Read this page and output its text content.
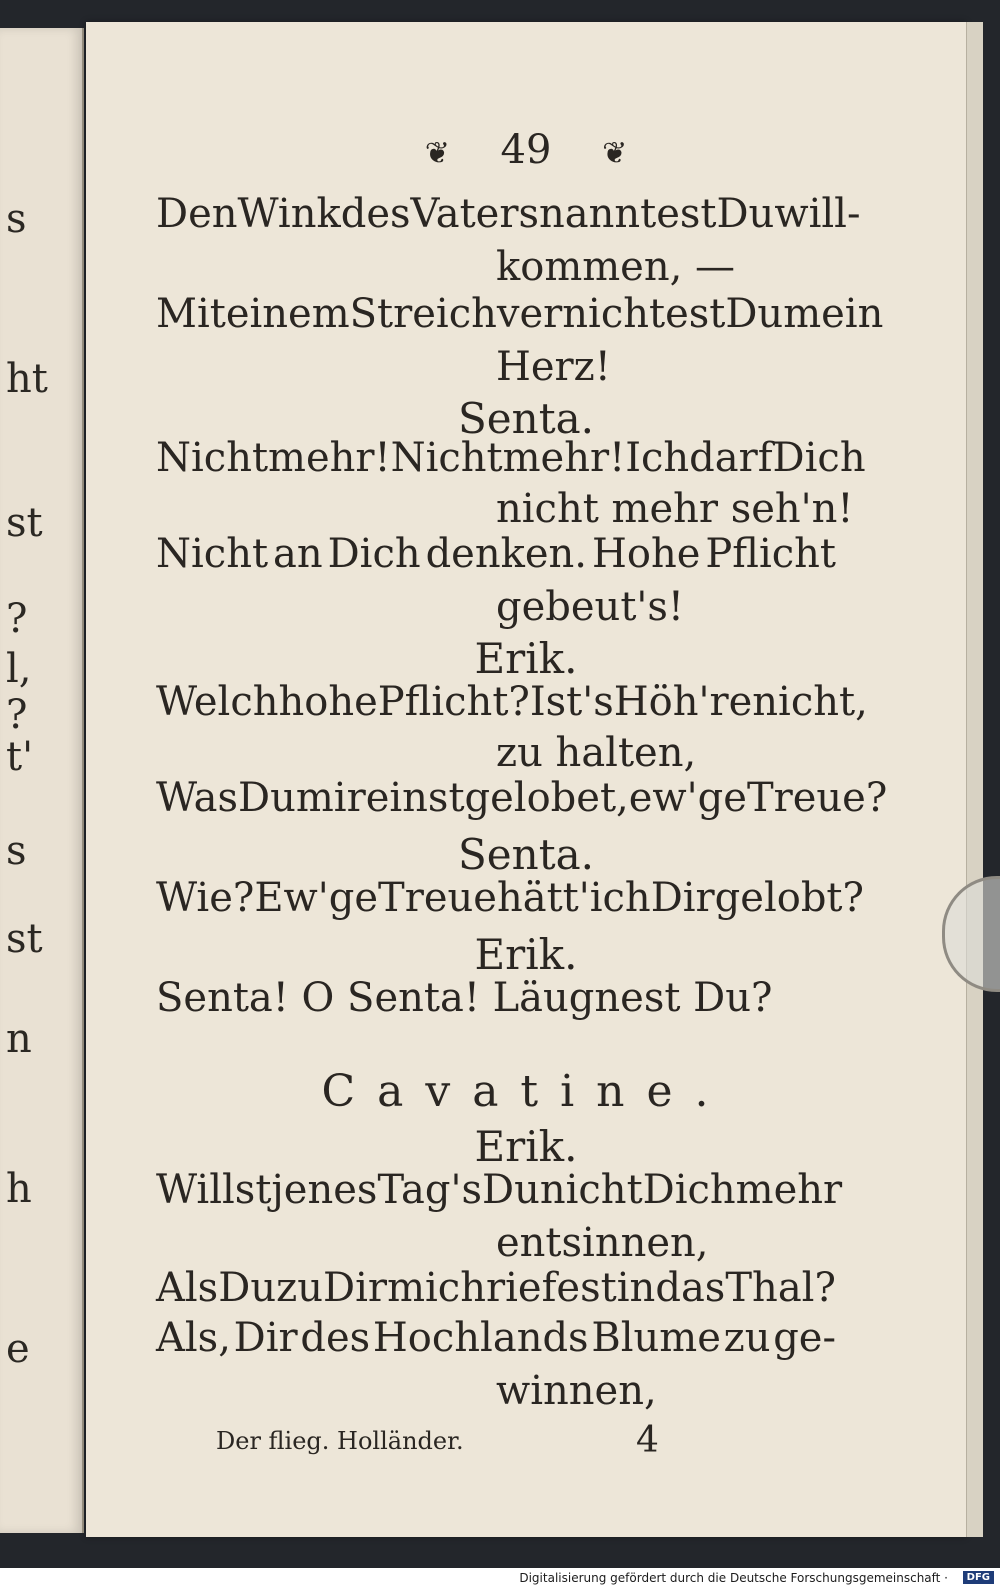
s
ht
st
?
l,
?
t'
s
st
n
h
e
❦ 49 ❦
Den Wink des Vaters nanntest Du will-
kommen, —
Mit einem Streich vernichtest Du mein
Herz!
Senta.
Nicht mehr! Nicht mehr! Ich darf Dich
nicht mehr seh'n!
Nicht an Dich denken. Hohe Pflicht
gebeut's!
Erik.
Welch hohe Pflicht? Ist's Höh're nicht,
zu halten,
Was Du mir einst gelobet, ew'ge Treue?
Senta.
Wie? Ew'ge Treue hätt' ich Dir gelobt?
Erik.
Senta! O Senta! Läugnest Du?
Cavatine.
Erik.
Willst jenes Tag's Du nicht Dich mehr
entsinnen,
Als Du zu Dir mich riefest in das Thal?
Als, Dir des Hochlands Blume zu ge-
winnen,
Der flieg. Holländer.	4
Digitalisierung gefördert durch die Deutsche Forschungsgemeinschaft ·	DFG
